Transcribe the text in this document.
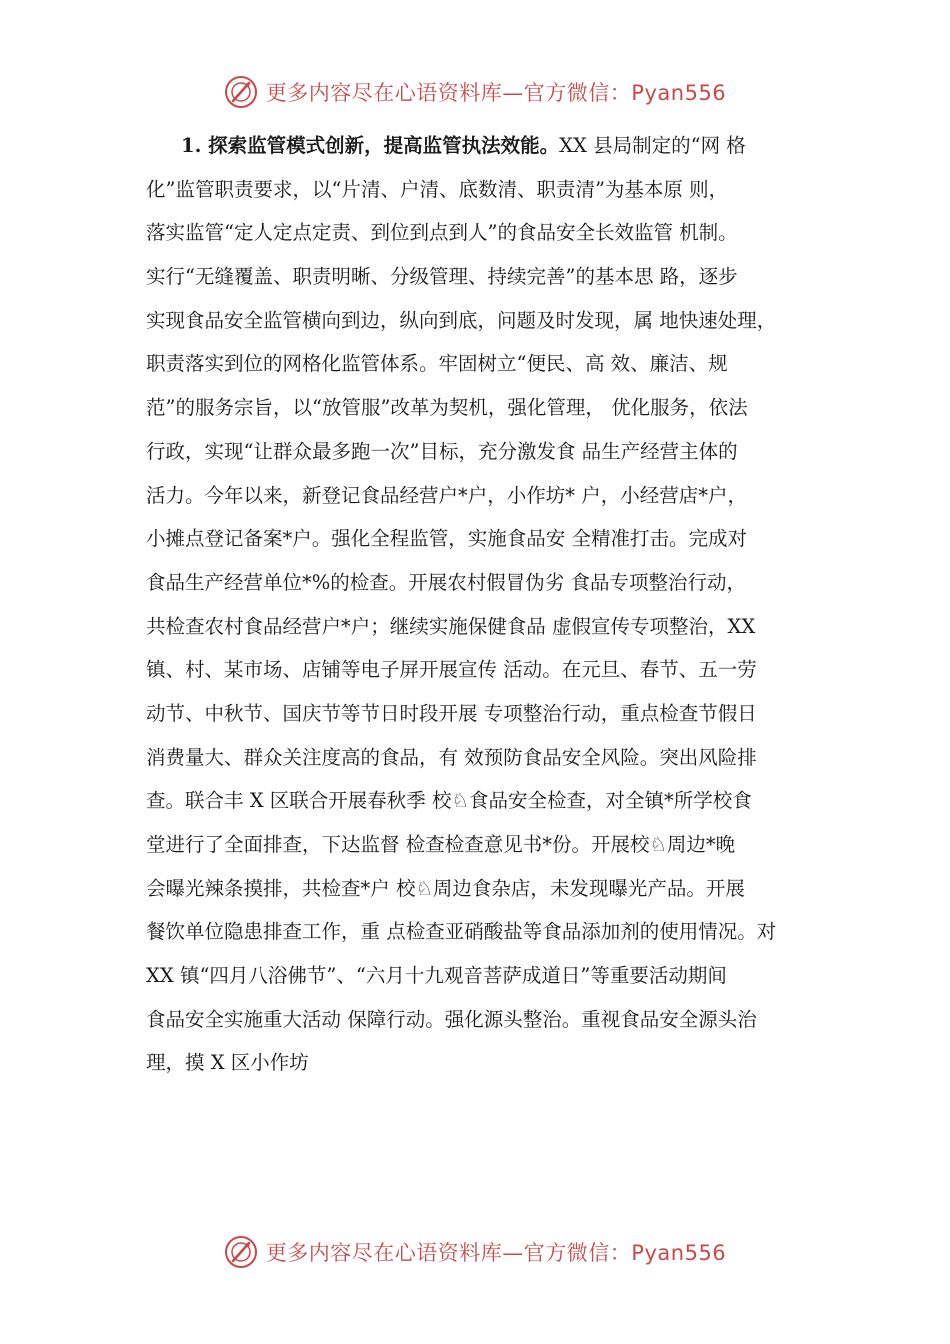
更多内容尽在心语资料库—官方微信：Pyan556
1. 探索监管模式创新，提高监管执法效能。XX 县局制定的“网 格
化”监管职责要求，以“片清、户清、底数清、职责清”为基本原 则，
落实监管“定人定点定责、到位到点到人”的食品安全长效监管 机制。
实行“无缝覆盖、职责明晰、分级管理、持续完善”的基本思 路，逐步
实现食品安全监管横向到边，纵向到底，问题及时发现，属 地快速处理，
职责落实到位的网格化监管体系。牢固树立“便民、高 效、廉洁、规
范”的服务宗旨，以“放管服”改革为契机，强化管理， 优化服务，依法
行政，实现“让群众最多跑一次”目标，充分激发食 品生产经营主体的
活力。今年以来，新登记食品经营户*户，小作坊* 户，小经营店*户，
小摊点登记备案*户。强化全程监管，实施食品安 全精准打击。完成对
食品生产经营单位*%的检查。开展农村假冒伪劣 食品专项整治行动，
共检查农村食品经营户*户；继续实施保健食品 虚假宣传专项整治，XX
镇、村、某市场、店铺等电子屏开展宣传 活动。在元旦、春节、五一劳
动节、中秋节、国庆节等节日时段开展 专项整治行动，重点检查节假日
消费量大、群众关注度高的食品，有 效预防食品安全风险。突出风险排
查。联合丰 X 区联合开展春秋季 校♘食品安全检查，对全镇*所学校食
堂进行了全面排查，下达监督 检查检查意见书*份。开展校♘周边*晚
会曝光辣条摸排，共检查*户 校♘周边食杂店，未发现曝光产品。开展
餐饮单位隐患排查工作，重 点检查亚硝酸盐等食品添加剂的使用情况。对
XX 镇“四月八浴佛节”、“六月十九观音菩萨成道日”等重要活动期间
食品安全实施重大活动 保障行动。强化源头整治。重视食品安全源头治
理，摸 X 区小作坊
更多内容尽在心语资料库—官方微信：Pyan556
